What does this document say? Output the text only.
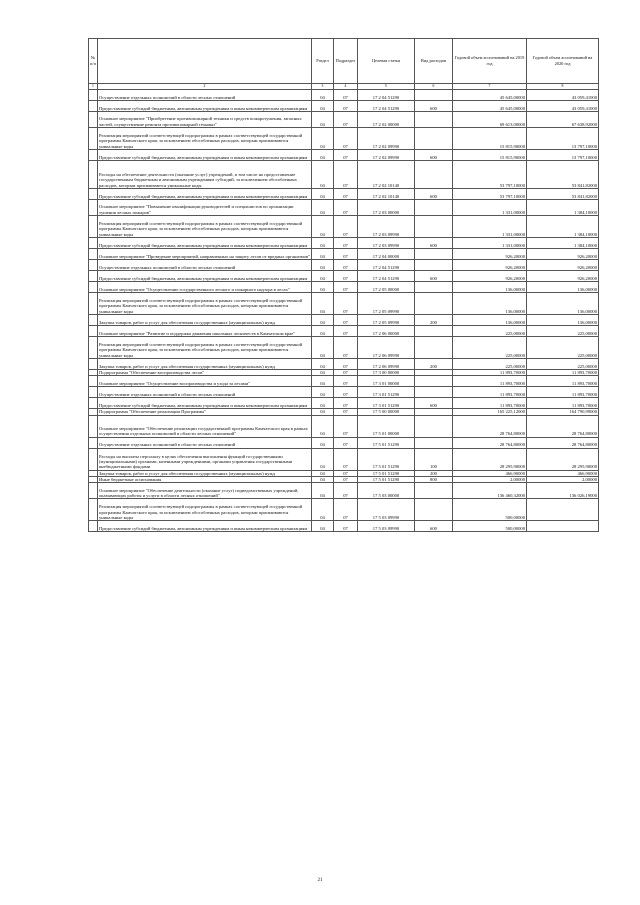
№ п/п		Раздел	Подраздел	Целевая статья	Вид расходов	Годовой объем ассигнований на 2019 год	Годовой объем ассигнований на 2020 год
1	2	3	4	5	6	7	8
	Осуществление отдельных полномочий в области лесных отношений	04	07	17 2 04 51290		45 645,00000	43 059,41000
	Предоставление субсидий бюджетным, автономным учреждениям и иным некоммерческим организациям	04	07	17 2 04 51290	600	45 645,00000	43 059,41000
	Основное мероприятие "Приобретение противопожарной техники и средств пожаротушения, запасных частей, осуществление ремонта противопожарной техники"	04	07	17 2 02 00000		69 613,00000	67 638,92000
	Реализация мероприятий соответствующей подпрограммы в рамках соответствующей государственной программы Камчатского края, за исключением обособленных расходов, которым присваиваются уникальные коды	04	07	17 2 02 09990		15 815,90000	13 797,10000
	Предоставление субсидий бюджетным, автономным учреждениям и иным некоммерческим организациям	04	07	17 2 02 09990	600	15 815,90000	13 797,10000
	Расходы на обеспечение деятельности (оказание услуг) учреждений, в том числе на предоставление государственным бюджетным и автономным учреждениям субсидий, за исключением обособленных расходов, которым присваиваются уникальные коды	04	07	17 2 02 10140		53 797,10000	53 841,82000
	Предоставление субсидий бюджетным, автономным учреждениям и иным некоммерческим организациям	04	07	17 2 02 10140	600	53 797,10000	53 841,82000
	Основное мероприятие "Повышение квалификации руководителей и специалистов по организации тушения лесных пожаров"	04	07	17 2 03 00000		1 331,00000	1 384,10000
	Реализация мероприятий соответствующей подпрограммы в рамках соответствующей государственной программы Камчатского края, за исключением обособленных расходов, которым присваиваются уникальные коды	04	07	17 2 03 09990		1 331,00000	1 384,10000
	Предоставление субсидий бюджетным, автономным учреждениям и иным некоммерческим организациям	04	07	17 2 03 09990	600	1 331,00000	1 384,10000
	Основное мероприятие "Проведение мероприятий, направленных на защиту лесов от вредных организмов"	04	07	17 2 04 00000		926,20000	926,20000
	Осуществление отдельных полномочий в области лесных отношений	04	07	17 2 04 51290		926,20000	926,20000
	Предоставление субсидий бюджетным, автономным учреждениям и иным некоммерческим организациям	04	07	17 2 04 51290	600	926,20000	926,20000
	Основное мероприятие "Осуществление государственного лесного и пожарного надзора в лесах"	04	07	17 2 05 00000		136,00000	136,00000
	Реализация мероприятий соответствующей подпрограммы в рамках соответствующей государственной программы Камчатского края, за исключением обособленных расходов, которым присваиваются уникальные коды	04	07	17 2 05 09990		136,00000	136,00000
	Закупка товаров, работ и услуг для обеспечения государственных (муниципальных) нужд	04	07	17 2 05 09990	200	136,00000	136,00000
	Основное мероприятие "Развитие и поддержка движения школьных лесничеств в Камчатском крае"	04	07	17 2 06 00000		225,00000	225,00000
	Реализация мероприятий соответствующей подпрограммы в рамках соответствующей государственной программы Камчатского края, за исключением обособленных расходов, которым присваиваются уникальные коды	04	07	17 2 06 09990		225,00000	225,00000
	Закупка товаров, работ и услуг для обеспечения государственных (муниципальных) нужд	04	07	17 2 06 09990	200	225,00000	225,00000
	Подпрограмма "Обеспечение воспроизводства лесов"	04	07	17 3 00 00000		11 893,70000	11 893,70000
	Основное мероприятие "Осуществление воспроизводства и ухода за лесами"	04	07	17 3 01 00000		11 893,70000	11 893,70000
	Осуществление отдельных полномочий в области лесных отношений	04	07	17 3 01 51290		11 893,70000	11 893,70000
	Предоставление субсидий бюджетным, автономным учреждениям и иным некоммерческим организациям	04	07	17 3 01 51290	600	11 893,70000	11 893,70000
	Подпрограмма "Обеспечение реализации Программы"	04	07	17 5 00 00000		165 225,12000	164 790,99000
	Основное мероприятие "Обеспечение реализации государственной программы Камчатского края в рамках осуществления отдельных полномочий в области лесных отношений"	04	07	17 5 01 00000		28 764,80000	28 764,80000
	Осуществление отдельных полномочий в области лесных отношений	04	07	17 5 01 51290		28 764,80000	28 764,80000
	Расходы на выплаты персоналу в целях обеспечения выполнения функций государственными (муниципальными) органами, казенными учреждениями, органами управления государственными внебюджетными фондами	04	07	17 5 01 51290	100	28 295,90000	28 295,90000
	Закупка товаров, работ и услуг для обеспечения государственных (муниципальных) нужд	04	07	17 5 01 51290	200	466,90000	466,90000
	Иные бюджетные ассигнования	04	07	17 5 01 51290	800	2,00000	2,00000
	Основное мероприятие "Обеспечение деятельности (оказание услуг) подведомственных учреждений, оказывающих работы и услуги в области лесных отношений"	04	07	17 5 03 00000		136 460,32000	136 026,19000
	Реализация мероприятий соответствующей подпрограммы в рамках соответствующей государственной программы Камчатского края, за исключением обособленных расходов, которым присваиваются уникальные коды	04	07	17 5 03 09990		500,00000	
	Предоставление субсидий бюджетным, автономным учреждениям и иным некоммерческим организациям	04	07	17 5 03 09990	600	500,00000	
21
